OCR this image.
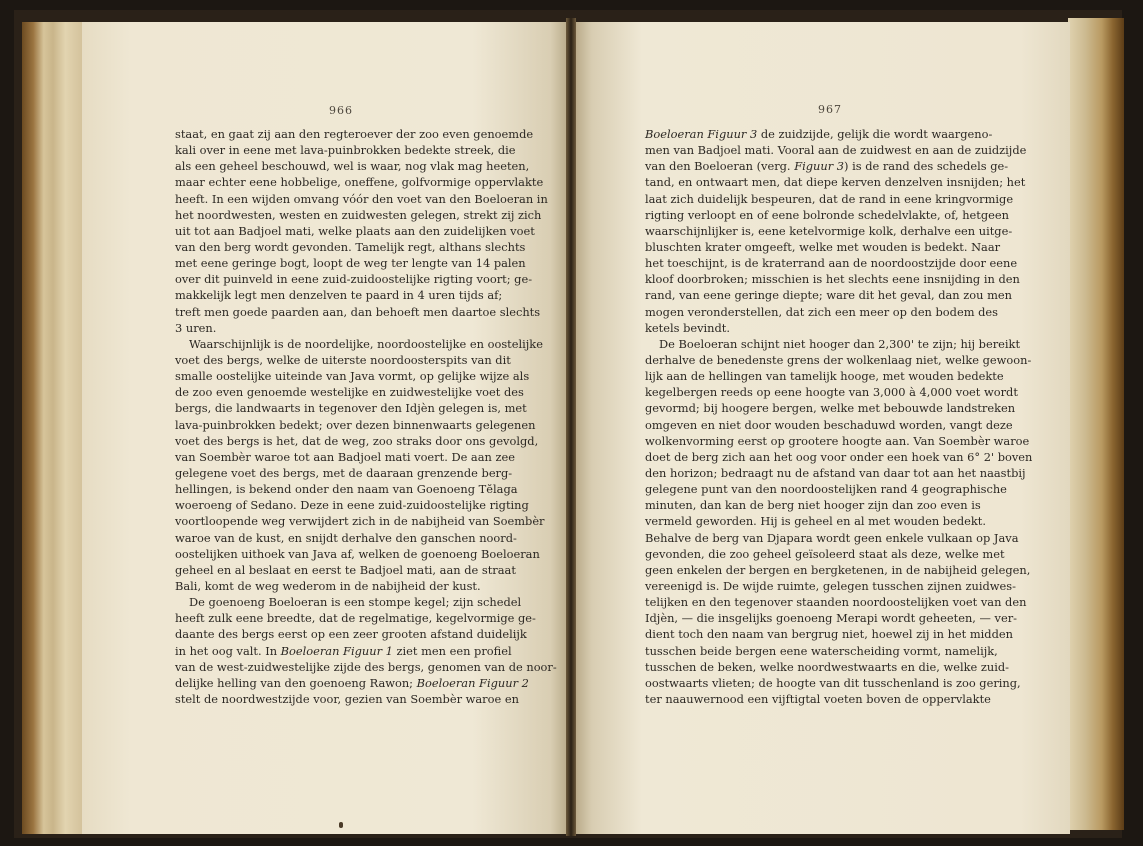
966	967
staat, en gaat zij aan den regteroever der zoo even genoemde
kali over in eene met lava-puinbrokken bedekte streek, die
als een geheel beschouwd, wel is waar, nog vlak mag heeten,
maar echter eene hobbelige, oneffene, golfvormige oppervlakte
heeft. In een wijden omvang vóór den voet van den Boeloeran in
het noordwesten, westen en zuidwesten gelegen, strekt zij zich
uit tot aan Badjoel mati, welke plaats aan den zuidelijken voet
van den berg wordt gevonden. Tamelijk regt, althans slechts
met eene geringe bogt, loopt de weg ter lengte van 14 palen
over dit puinveld in eene zuid-zuidoostelijke rigting voort; ge-
makkelijk legt men denzelven te paard in 4 uren tijds af;
treft men goede paarden aan, dan behoeft men daartoe slechts
3 uren.
Waarschijnlijk is de noordelijke, noordoostelijke en oostelijke
voet des bergs, welke de uiterste noordoosterspits van dit
smalle oostelijke uiteinde van Java vormt, op gelijke wijze als
de zoo even genoemde westelijke en zuidwestelijke voet des
bergs, die landwaarts in tegenover den Idjèn gelegen is, met
lava-puinbrokken bedekt; over dezen binnenwaarts gelegenen
voet des bergs is het, dat de weg, zoo straks door ons gevolgd,
van Soembèr waroe tot aan Badjoel mati voert. De aan zee
gelegene voet des bergs, met de daaraan grenzende berg-
hellingen, is bekend onder den naam van Goenoeng Tĕlaga
woeroeng of Sedano. Deze in eene zuid-zuidoostelijke rigting
voortloopende weg verwijdert zich in de nabijheid van Soembèr
waroe van de kust, en snijdt derhalve den ganschen noord-
oostelijken uithoek van Java af, welken de goenoeng Boeloeran
geheel en al beslaat en eerst te Badjoel mati, aan de straat
Bali, komt de weg wederom in de nabijheid der kust.
De goenoeng Boeloeran is een stompe kegel; zijn schedel
heeft zulk eene breedte, dat de regelmatige, kegelvormige ge-
daante des bergs eerst op een zeer grooten afstand duidelijk
in het oog valt. In Boeloeran Figuur 1 ziet men een profiel
van de west-zuidwestelijke zijde des bergs, genomen van de noor-
delijke helling van den goenoeng Rawon; Boeloeran Figuur 2
stelt de noordwestzijde voor, gezien van Soembèr waroe en
Boeloeran Figuur 3 de zuidzijde, gelijk die wordt waargeno-
men van Badjoel mati. Vooral aan de zuidwest en aan de zuidzijde
van den Boeloeran (verg. Figuur 3) is de rand des schedels ge-
tand, en ontwaart men, dat diepe kerven denzelven insnijden; het
laat zich duidelijk bespeuren, dat de rand in eene kringvormige
rigting verloopt en of eene bolronde schedelvlakte, of, hetgeen
waarschijnlijker is, eene ketelvormige kolk, derhalve een uitge-
bluschten krater omgeeft, welke met wouden is bedekt. Naar
het toeschijnt, is de kraterrand aan de noordoostzijde door eene
kloof doorbroken; misschien is het slechts eene insnijding in den
rand, van eene geringe diepte; ware dit het geval, dan zou men
mogen veronderstellen, dat zich een meer op den bodem des
ketels bevindt.
De Boeloeran schijnt niet hooger dan 2,300' te zijn; hij bereikt
derhalve de benedenste grens der wolkenlaag niet, welke gewoon-
lijk aan de hellingen van tamelijk hooge, met wouden bedekte
kegelbergen reeds op eene hoogte van 3,000 à 4,000 voet wordt
gevormd; bij hoogere bergen, welke met bebouwde landstreken
omgeven en niet door wouden beschaduwd worden, vangt deze
wolkenvorming eerst op grootere hoogte aan. Van Soembèr waroe
doet de berg zich aan het oog voor onder een hoek van 6° 2' boven
den horizon; bedraagt nu de afstand van daar tot aan het naastbij
gelegene punt van den noordoostelijken rand 4 geographische
minuten, dan kan de berg niet hooger zijn dan zoo even is
vermeld geworden. Hij is geheel en al met wouden bedekt.
Behalve de berg van Djapara wordt geen enkele vulkaan op Java
gevonden, die zoo geheel geïsoleerd staat als deze, welke met
geen enkelen der bergen en bergketenen, in de nabijheid gelegen,
vereenigd is. De wijde ruimte, gelegen tusschen zijnen zuidwes-
telijken en den tegenover staanden noordoostelijken voet van den
Idjèn, — die insgelijks goenoeng Merapi wordt geheeten, — ver-
dient toch den naam van bergrug niet, hoewel zij in het midden
tusschen beide bergen eene waterscheiding vormt, namelijk,
tusschen de beken, welke noordwestwaarts en die, welke zuid-
oostwaarts vlieten; de hoogte van dit tusschenland is zoo gering,
ter naauwernood een vijftigtal voeten boven de oppervlakte
